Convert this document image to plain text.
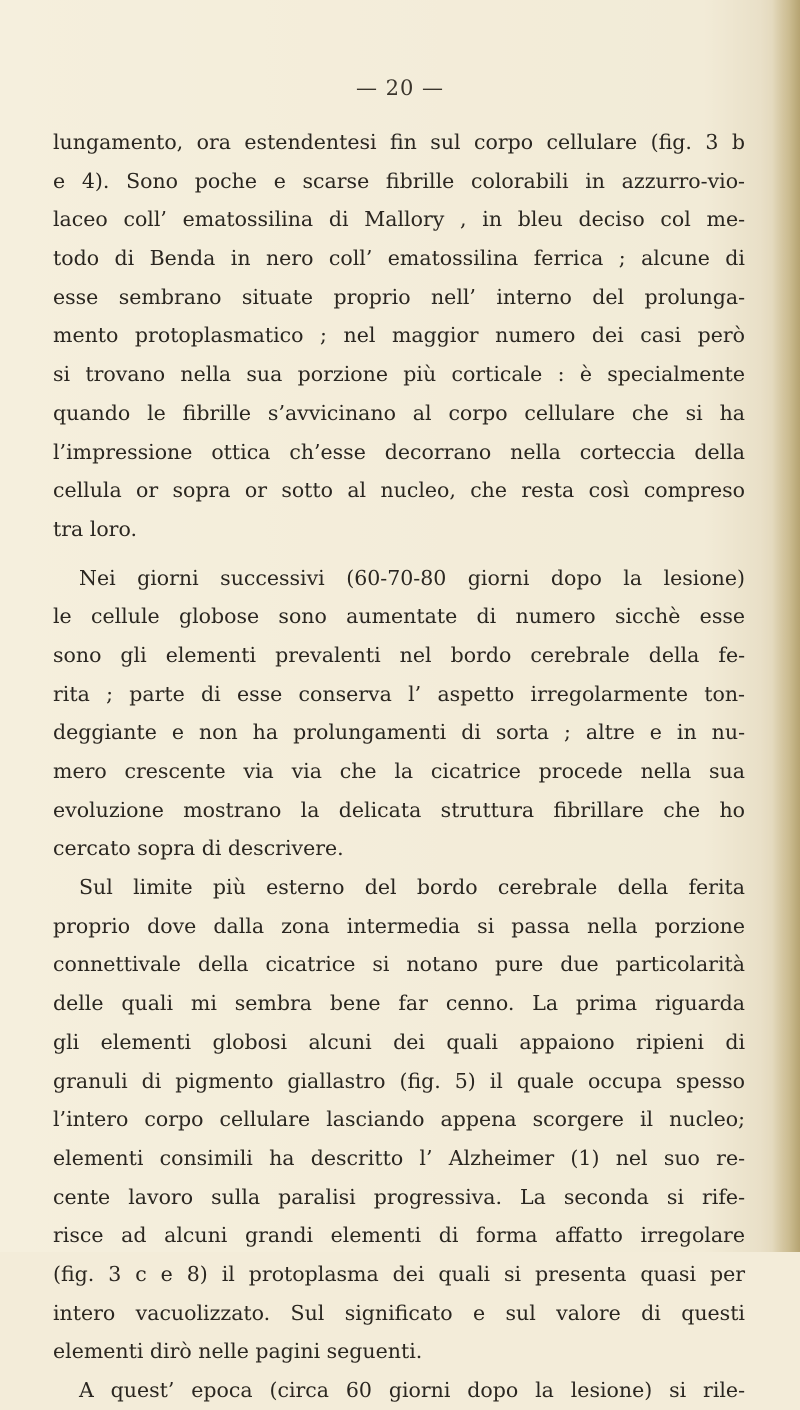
— 20 —
lungamento, ora estendentesi fin sul corpo cellulare (fig. 3 b
e 4). Sono poche e scarse fibrille colorabili in azzurro-vio-
laceo coll’ ematossilina di Mallory , in bleu deciso col me-
todo di Benda in nero coll’ ematossilina ferrica ; alcune di
esse sembrano situate proprio nell’ interno del prolunga-
mento protoplasmatico ; nel maggior numero dei casi però
si trovano nella sua porzione più corticale : è specialmente
quando le fibrille s’avvicinano al corpo cellulare che si ha
l’impressione ottica ch’esse decorrano nella corteccia della
cellula or sopra or sotto al nucleo, che resta così compreso
tra loro.
Nei giorni successivi (60-70-80 giorni dopo la lesione)
le cellule globose sono aumentate di numero sicchè esse
sono gli elementi prevalenti nel bordo cerebrale della fe-
rita ; parte di esse conserva l’ aspetto irregolarmente ton-
deggiante e non ha prolungamenti di sorta ; altre e in nu-
mero crescente via via che la cicatrice procede nella sua
evoluzione mostrano la delicata struttura fibrillare che ho
cercato sopra di descrivere.
Sul limite più esterno del bordo cerebrale della ferita
proprio dove dalla zona intermedia si passa nella porzione
connettivale della cicatrice si notano pure due particolarità
delle quali mi sembra bene far cenno. La prima riguarda
gli elementi globosi alcuni dei quali appaiono ripieni di
granuli di pigmento giallastro (fig. 5) il quale occupa spesso
l’intero corpo cellulare lasciando appena scorgere il nucleo;
elementi consimili ha descritto l’ Alzheimer (1) nel suo re-
cente lavoro sulla paralisi progressiva. La seconda si rife-
risce ad alcuni grandi elementi di forma affatto irregolare
(fig. 3 c e 8) il protoplasma dei quali si presenta quasi per
intero vacuolizzato. Sul significato e sul valore di questi
elementi dirò nelle pagini seguenti.
A quest’ epoca (circa 60 giorni dopo la lesione) si rile-
